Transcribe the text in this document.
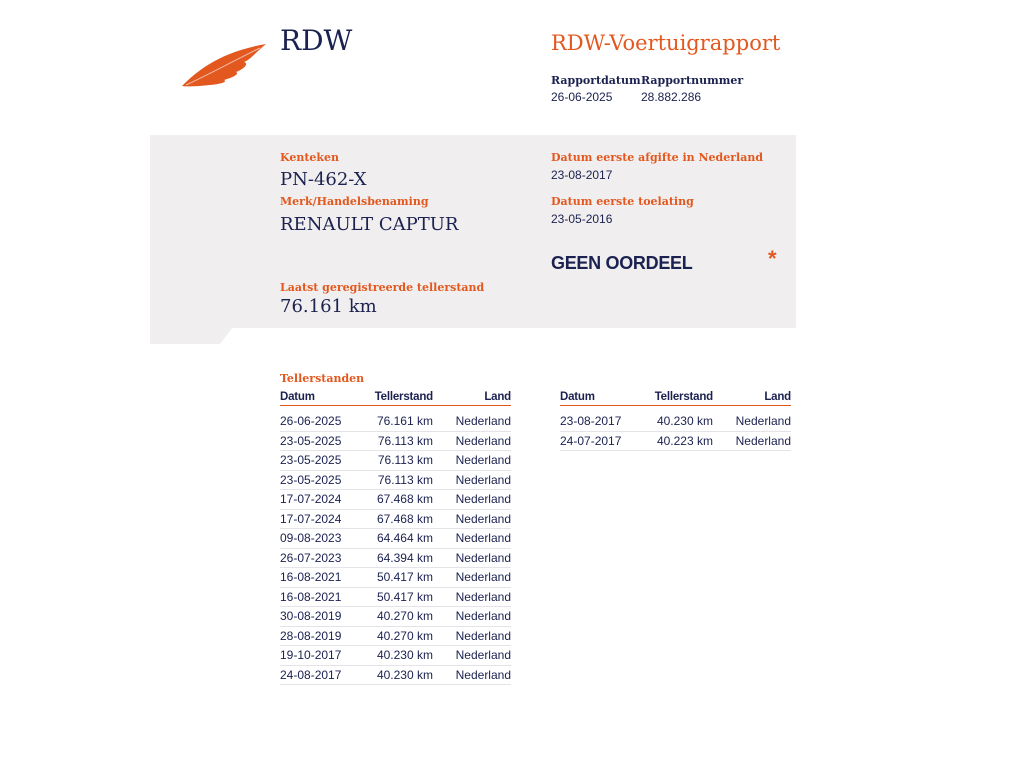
RDW	RDW-Voertuigrapport
Rapportdatum
26-06-2025
Rapportnummer
28.882.286
Kenteken
PN-462-X
Merk/Handelsbenaming
RENAULT CAPTUR
Laatst geregistreerde tellerstand
76.161 km
Datum eerste afgifte in Nederland
23-08-2017
Datum eerste toelating
23-05-2016
GEEN OORDEEL	*
Tellerstanden
Datum	Tellerstand	Land

26-06-2025	76.161 km	Nederland
23-05-2025	76.113 km	Nederland
23-05-2025	76.113 km	Nederland
23-05-2025	76.113 km	Nederland
17-07-2024	67.468 km	Nederland
17-07-2024	67.468 km	Nederland
09-08-2023	64.464 km	Nederland
26-07-2023	64.394 km	Nederland
16-08-2021	50.417 km	Nederland
16-08-2021	50.417 km	Nederland
30-08-2019	40.270 km	Nederland
28-08-2019	40.270 km	Nederland
19-10-2017	40.230 km	Nederland
24-08-2017	40.230 km	Nederland
Datum	Tellerstand	Land

23-08-2017	40.230 km	Nederland
24-07-2017	40.223 km	Nederland
